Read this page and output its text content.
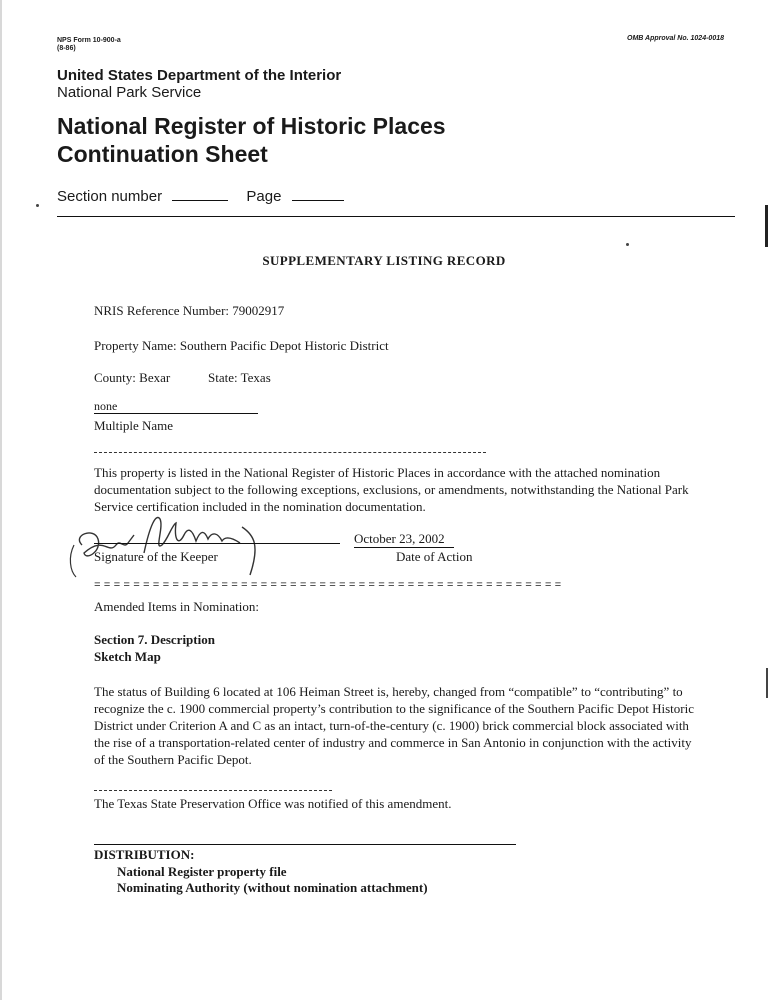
NPS Form 10-900-a
(8-86)
OMB Approval No. 1024-0018
United States Department of the Interior
National Park Service
National Register of Historic Places
Continuation Sheet
Section number	Page
SUPPLEMENTARY LISTING RECORD
NRIS Reference Number: 79002917
Property Name: Southern Pacific Depot Historic District
County: Bexar	State: Texas
none
Multiple Name
This property is listed in the National Register of Historic Places in accordance with the attached nomination documentation subject to the following exceptions, exclusions, or amendments, notwithstanding the National Park Service certification included in the nomination documentation.
Signature of the Keeper
October 23, 2002
Date of Action
================================================
Amended Items in Nomination:
Section 7. Description
Sketch Map
The status of Building 6 located at 106 Heiman Street is, hereby, changed from “compatible” to “contributing” to recognize the c. 1900 commercial property’s contribution to the significance of the Southern Pacific Depot Historic District under Criterion A and C as an intact, turn-of-the-century (c. 1900) brick commercial block associated with the rise of a transportation-related center of industry and commerce in San Antonio in conjunction with the activity of the Southern Pacific Depot.
The Texas State Preservation Office was notified of this amendment.
DISTRIBUTION:
National Register property file
Nominating Authority (without nomination attachment)
